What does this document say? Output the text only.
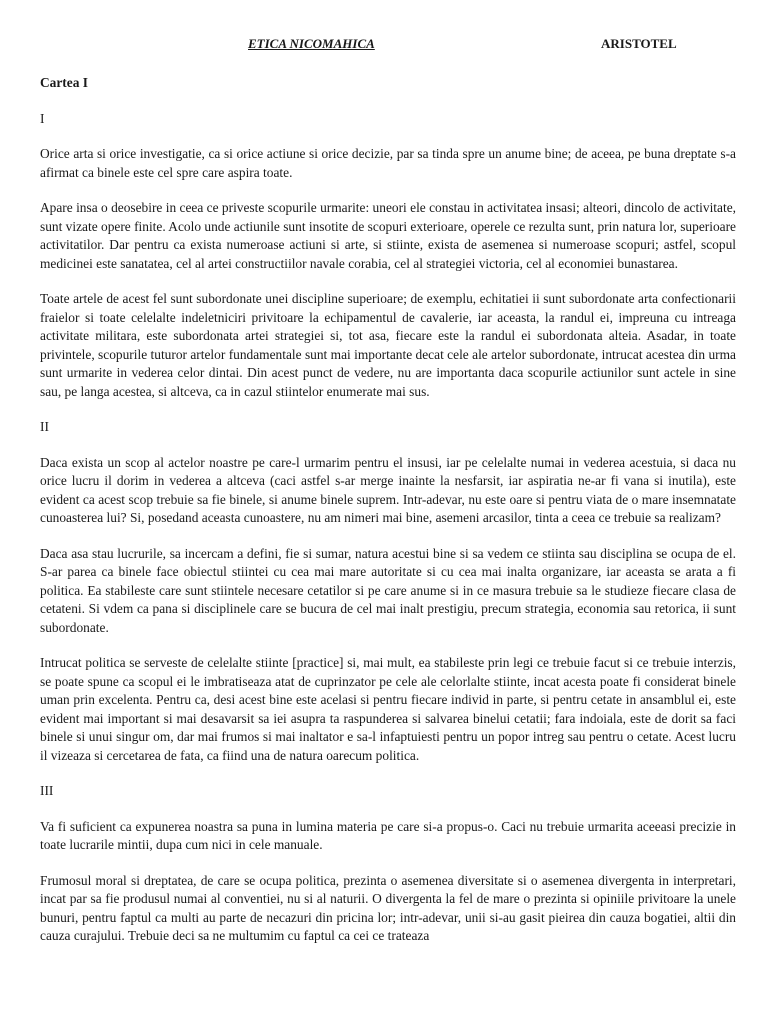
ETICA NICOMAHICA	ARISTOTEL
Cartea I
I

Orice arta si orice investigatie, ca si orice actiune si orice decizie, par sa tinda spre un anume bine; de aceea, pe buna dreptate s-a afirmat ca binele este cel spre care aspira toate.

Apare insa o deosebire in ceea ce priveste scopurile urmarite: uneori ele constau in activitatea insasi; alteori, dincolo de activitate, sunt vizate opere finite. Acolo unde actiunile sunt insotite de scopuri exterioare, operele ce rezulta sunt, prin natura lor, superioare activitatilor. Dar pentru ca exista numeroase actiuni si arte, si stiinte, exista de asemenea si numeroase scopuri; astfel, scopul medicinei este sanatatea, cel al artei constructiilor navale corabia, cel al strategiei victoria, cel al economiei bunastarea.

Toate artele de acest fel sunt subordonate unei discipline superioare; de exemplu, echitatiei ii sunt subordonate arta confectionarii fraielor si toate celelalte indeletniciri privitoare la echipamentul de cavalerie, iar aceasta, la randul ei, impreuna cu intreaga activitate militara, este subordonata artei strategiei si, tot asa, fiecare este la randul ei subordonata alteia. Asadar, in toate privintele, scopurile tuturor artelor fundamentale sunt mai importante decat cele ale artelor subordonate, intrucat acestea din urma sunt urmarite in vederea celor dintai. Din acest punct de vedere, nu are importanta daca scopurile actiunilor sunt actele in sine sau, pe langa acestea, si altceva, ca in cazul stiintelor enumerate mai sus.

II

Daca exista un scop al actelor noastre pe care-l urmarim pentru el insusi, iar pe celelalte numai in vederea acestuia, si daca nu orice lucru il dorim in vederea a altceva (caci astfel s-ar merge inainte la nesfarsit, iar aspiratia ne-ar fi vana si inutila), este evident ca acest scop trebuie sa fie binele, si anume binele suprem. Intr-adevar, nu este oare si pentru viata de o mare insemnatate cunoasterea lui? Si, posedand aceasta cunoastere, nu am nimeri mai bine, asemeni arcasilor, tinta a ceea ce trebuie sa realizam?

Daca asa stau lucrurile, sa incercam a defini, fie si sumar, natura acestui bine si sa vedem ce stiinta sau disciplina se ocupa de el. S-ar parea ca binele face obiectul stiintei cu cea mai mare autoritate si cu cea mai inalta organizare, iar aceasta se arata a fi politica. Ea stabileste care sunt stiintele necesare cetatilor si pe care anume si in ce masura trebuie sa le studieze fiecare clasa de cetateni. Si vdem ca pana si disciplinele care se bucura de cel mai inalt prestigiu, precum strategia, economia sau retorica, ii sunt subordonate.

Intrucat politica se serveste de celelalte stiinte [practice] si, mai mult, ea stabileste prin legi ce trebuie facut si ce trebuie interzis, se poate spune ca scopul ei le imbratiseaza atat de cuprinzator pe cele ale celorlalte stiinte, incat acesta poate fi considerat binele uman prin excelenta. Pentru ca, desi acest bine este acelasi si pentru fiecare individ in parte, si pentru cetate in ansamblul ei, este evident mai important si mai desavarsit sa iei asupra ta raspunderea si salvarea binelui cetatii; fara indoiala, este de dorit sa faci binele si unui singur om, dar mai frumos si mai inaltator e sa-l infaptuiesti pentru un popor intreg sau pentru o cetate. Acest lucru il vizeaza si cercetarea de fata, ca fiind una de natura oarecum politica.

III

Va fi suficient ca expunerea noastra sa puna in lumina materia pe care si-a propus-o. Caci nu trebuie urmarita aceeasi precizie in toate lucrarile mintii, dupa cum nici in cele manuale.

Frumosul moral si dreptatea, de care se ocupa politica, prezinta o asemenea diversitate si o asemenea divergenta in interpretari, incat par sa fie produsul numai al conventiei, nu si al naturii. O divergenta la fel de mare o prezinta si opiniile privitoare la unele bunuri, pentru faptul ca multi au parte de necazuri din pricina lor; intr-adevar, unii si-au gasit pieirea din cauza bogatiei, altii din cauza curajului. Trebuie deci sa ne multumim cu faptul ca cei ce trateaza
